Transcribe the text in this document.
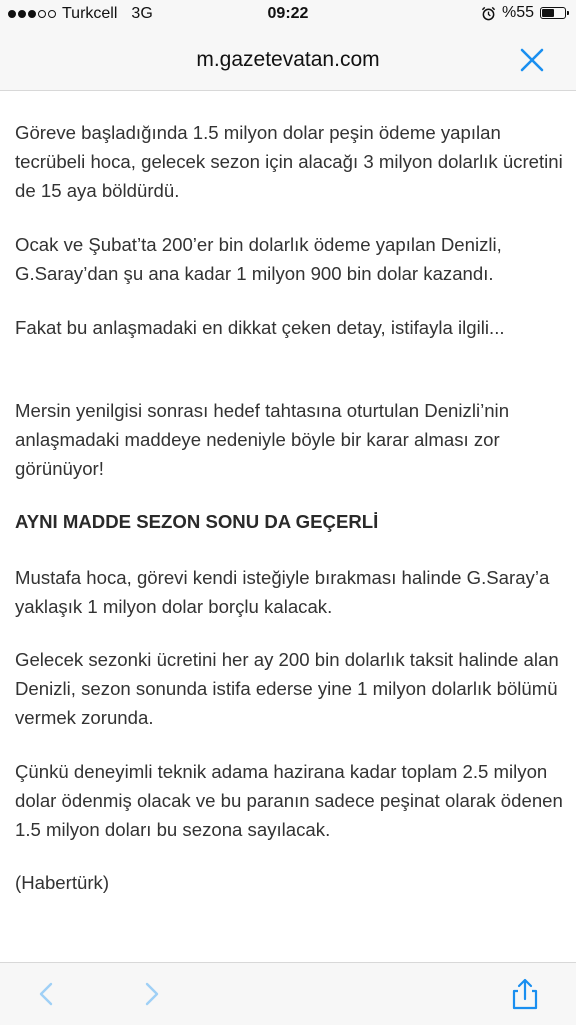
Turkcell 3G	09:22	%55
m.gazetevatan.com

Göreve başladığında 1.5 milyon dolar peşin ödeme yapılan tecrübeli hoca, gelecek sezon için alacağı 3 milyon dolarlık ücretini de 15 aya böldürdü.

Ocak ve Şubat’ta 200’er bin dolarlık ödeme yapılan Denizli, G.Saray’dan şu ana kadar 1 milyon 900 bin dolar kazandı.

Fakat bu anlaşmadaki en dikkat çeken detay, istifayla ilgili...

Mersin yenilgisi sonrası hedef tahtasına oturtulan Denizli’nin anlaşmadaki maddeye nedeniyle böyle bir karar alması zor görünüyor!

AYNI MADDE SEZON SONU DA GEÇERLİ

Mustafa hoca, görevi kendi isteğiyle bırakması halinde G.Saray’a yaklaşık 1 milyon dolar borçlu kalacak.

Gelecek sezonki ücretini her ay 200 bin dolarlık taksit halinde alan Denizli, sezon sonunda istifa ederse yine 1 milyon dolarlık bölümü vermek zorunda.

Çünkü deneyimli teknik adama hazirana kadar toplam 2.5 milyon dolar ödenmiş olacak ve bu paranın sadece peşinat olarak ödenen 1.5 milyon doları bu sezona sayılacak.

(Habertürk)
